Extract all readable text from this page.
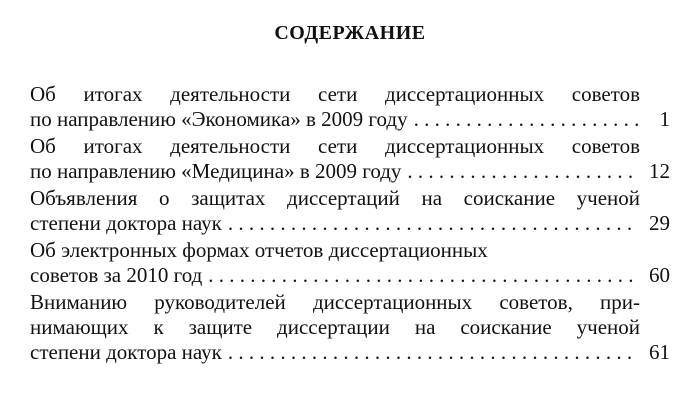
СОДЕРЖАНИЕ
Об итогах деятельности сети диссертационных советов
по направлению «Экономика» в 2009 году . . .	1
Об итогах деятельности сети диссертационных советов
по направлению «Медицина» в 2009 году . . .	12
Объявления о защитах диссертаций на соискание ученой
степени доктора наук . . .	29
Об электронных формах отчетов диссертационных
советов за 2010 год . . .	60
Вниманию руководителей диссертационных советов, при-
нимающих к защите диссертации на соискание ученой
степени доктора наук . . .	61
